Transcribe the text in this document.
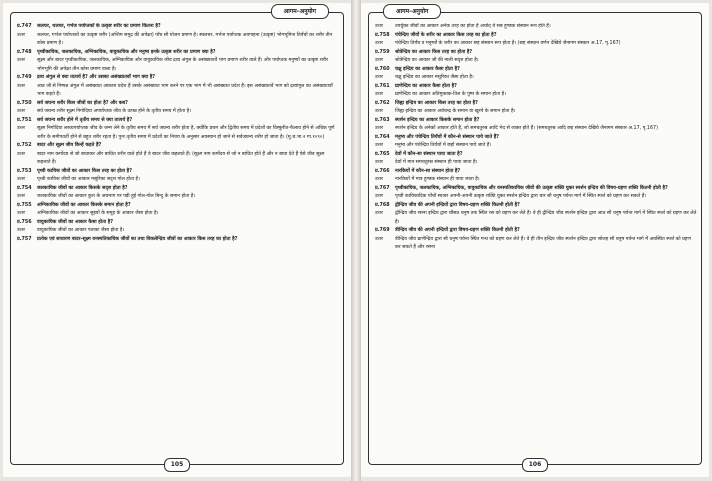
आगम–अनुयोग
प्र.747	जलचर, थलचर, गर्भज पर्याप्तकों के उत्कृष्ट शरीर का प्रमाण कितना है?
उत्तर	जलचर, गर्भज पर्याप्तकों का उत्कृष्ट शरीर (अन्तिम समुद्र की अपेक्षा) पाँच सौ योजन प्रमाण है। स्थलचर, गर्भज पर्याप्तक अवगाहना (उत्कृष्ट) भोगभूमिज तिर्यंचों का शरीर तीन कोस प्रमाण है।
प्र.748	पृथ्वीकायिक, जलकायिक, अग्निकायिक, वायुकायिक और मनुष्य इनके उत्कृष्ट शरीर का प्रमाण क्या है?
उत्तर	सूक्ष्म और बादर पृथ्वीकायिक, जलकायिक, अग्निकायिक और वायुकायिक जीव द्रव्य अंगुल के असंख्यातवें भाग प्रमाण शरीर वाले हैं। और पर्याप्तक मनुष्यों का उत्कृष्ट शरीर भोगभूमि की अपेक्षा तीन कोस प्रमाण वाला है।
प्र.749	द्रव्य अंगुल से क्या तात्पर्य है? और उसका असंख्यातवाँ भाग क्या है?
उत्तर	आठ जौ से निष्पन्न अंगुल में असंख्यात आकाश प्रदेश हैं उसके असंख्यात भाग करने पर एक भाग में भी असंख्यात प्रदेश हैं। इस असंख्यातवें भाग को द्रव्यांगुल का असंख्यातवाँ भाग कहते हैं।
प्र.750	सर्व जघन्य शरीर किस जीवों का होता है? और कब?
उत्तर	सर्व जघन्य शरीर सूक्ष्म निगोदिया अपर्याप्तक जीव के उत्पन्न होने के तृतीय समय में होता है।
प्र.751	सर्व जघन्य शरीर होने में तृतीय समय से क्या तात्पर्य है?
उत्तर	सूक्ष्म निगोदिया लब्ध्यपर्याप्तक जीव के जन्म लेने के तृतीय समय में सर्व जघन्य शरीर होता है, क्योंकि प्रथम और द्वितीय समय में प्रदेशों का विस्फुरीत-फैलाव होने से अधिक पूर्ण शरीर के समीपवर्ती होने से बहुत शरीर रहता है। पुनः तृतीय समय में प्रदेशों का निचय के अनुसार अवस्थान हो जाने से सर्वजघन्य शरीर हो जाता है। (मू.च.भा.२ गा.१०९०)
प्र.752	बादर और सूक्ष्म जीव किन्हें कहते हैं?
उत्तर	बादर नाम कर्मोदय से जो बाधाकर और बाधित शरीर वाले होते हैं वे बादर जीव कहलाते हैं। (सूक्ष्म नाम कर्मोदय से जो न बाधित होते हैं और न बाधा देते हैं ऐसे जीव सूक्ष्म कहलाते हैं।
प्र.753	पृथ्वी कायिक जीवों का आकार किस तरह का होता है?
उत्तर	पृथ्वी कायिक जीवों का आकार मसूरिका सदृश गोल होता है।
प्र.754	जलकायिक जीवों का आकार किसके सदृश होता है?
उत्तर	जलकायिक जीवों का आकार कुश के अग्रभाग पर पड़ी हुई गोल-गोल बिन्दु के समान होता है।
प्र.755	अग्निकायिक जीवों का आकार किसके समान होता है?
उत्तर	अग्निकायिक जीवों का आकार सुइयों के समूह के आकार जैसा होता है।
प्र.756	वायुकायिक जीवों का आकार कैसा होता है?
उत्तर	वायुकायिक जीवों का आकार पताका जैसा होता है।
प्र.757	प्रत्येक एवं साधारण बादर-सूक्ष्म वनस्पतिकायिक जीवों का तथा विकलेन्द्रिय जीवों का आकार किस तरह का होता है?
105
आगम–अनुयोग
उत्तर	उपर्युक्त जीवों का आकार अनेक तरह का होता है अर्थात् ये सब हुण्डक संस्थान रूप होते हैं।
प्र.758	पंचेन्द्रिय जीवों के शरीर का आकार किस तरह का होता है?
उत्तर	पंचेन्द्रिय तिर्यंच व मनुष्यों के शरीर का आकार छह संस्थान रूप होता है। (छह संस्थान वर्णन देखिये जैनागम संस्कार अ.17, पृ.167)
प्र.759	श्रोत्रेन्द्रिय का आकार किस तरह का होता है?
उत्तर	श्रोत्रेन्द्रिय का आकार जौ की नाली सदृश होता है।
प्र.760	चक्षु इन्द्रिय का आकार कैसा होता है?
उत्तर	चक्षु इन्द्रिय का आकार मसूरिका जैसा होता है।
प्र.761	घ्राणेन्द्रिय का आकार कैसा होता है?
उत्तर	घ्राणेन्द्रिय का आकार अतिमुक्तक-तिल के पुष्प के समान होता है।
प्र.762	जिह्वा इन्द्रिय का आकार किस तरह का होता है?
उत्तर	जिह्वा इन्द्रिय का आकार अर्धचन्द्र के समान या खुरपे के समान होता है।
प्र.763	स्पर्शन इन्द्रिय का आकार किसके समान होता है?
उत्तर	स्पर्शन इन्द्रिय के अनेकों आकार होते हैं, जो समचतुरस्र आदि भेद से व्यक्त होते हैं। (समचतुरस्र आदि छह संस्थान देखिये जैनागम संस्कार अ.17, पृ.167)
प्र.764	मनुष्य और पंचेन्द्रिय तिर्यंचों में कौन-से संस्थान पाये जाते हैं?
उत्तर	मनुष्य और पंचेन्द्रिय तिर्यंचों में छहों संस्थान पाये जाते हैं।
प्र.765	देवों में कौन-सा संस्थान पाया जाता है?
उत्तर	देवों में मात्र समचतुरस्र संस्थान ही पाया जाता है।
प्र.766	नारकियों में कौन-सा संस्थान होता है?
उत्तर	नारकियों में मात्र हुण्डक संस्थान ही पाया जाता है।
प्र.767	पृथ्वीकायिक, जलकायिक, अग्निकायिक, वायुकायिक और वनस्पतिकायिक जीवों की उत्कृष्ट शक्ति युक्त स्पर्शन इन्द्रिय की विषय-ग्रहण शक्ति कितनी होती है?
उत्तर	पृथ्वी कायिकादिक पाँचों स्थावर अपनी-अपनी उत्कृष्ट शक्ति युक्त स्पर्शन इन्द्रिय द्वारा चार सौ धनुष पर्यन्त मार्ग में स्थित स्पर्श को ग्रहण कर सकते हैं।
प्र.768	द्वीन्द्रिय जीव की अपनी इन्द्रियों द्वारा विषय-ग्रहण शक्ति कितनी होती है?
उत्तर	द्वीन्द्रिय जीव रसना इन्द्रिय द्वारा चौंसठ धनुष तक स्थित रस को ग्रहण कर लेते हैं। वे ही द्वीन्द्रिय जीव स्पर्शन इन्द्रिय द्वारा आठ सौ धनुष पर्यन्त मार्ग में स्थित स्पर्श को ग्रहण कर लेते हैं।
प्र.769	त्रीन्द्रिय जीव की अपनी इन्द्रियों द्वारा विषय-ग्रहण शक्ति कितनी होती है?
उत्तर	त्रीन्द्रिय जीव घ्राणेन्द्रिय द्वारा सौ धनुष पर्यन्त स्थित गन्ध को ग्रहण कर लेते हैं। वे ही तीन इन्द्रिय जीव स्पर्शन इन्द्रिय द्वारा सोलह सौ धनुष पर्यन्त मार्ग में अवस्थित स्पर्श को ग्रहण कर सकते हैं और रसना
106
